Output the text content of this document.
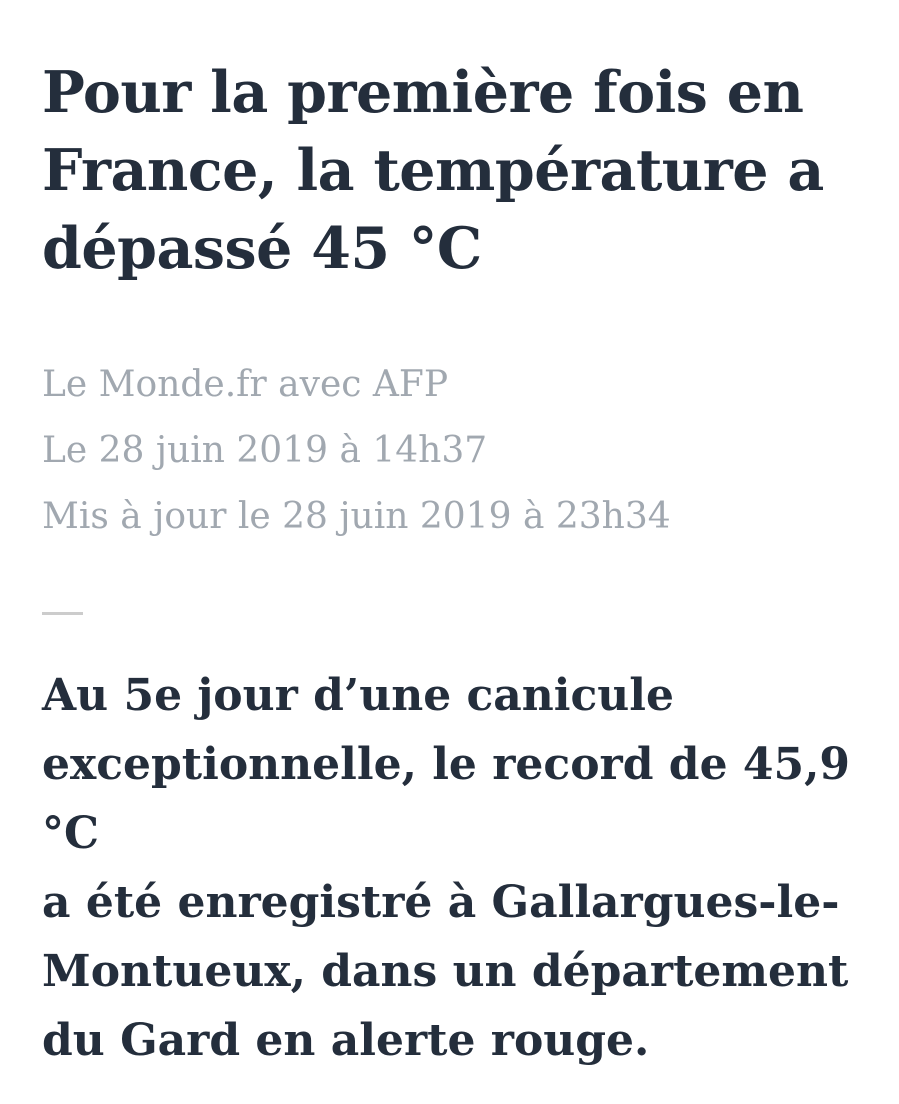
Pour la première fois en
France, la température a
dépassé 45 °C
Le Monde.fr avec AFP
Le 28 juin 2019 à 14h37
Mis à jour le 28 juin 2019 à 23h34

Au 5e jour d’une canicule
exceptionnelle, le record de 45,9 °C
a été enregistré à Gallargues-le-
Montueux, dans un département
du Gard en alerte rouge.
